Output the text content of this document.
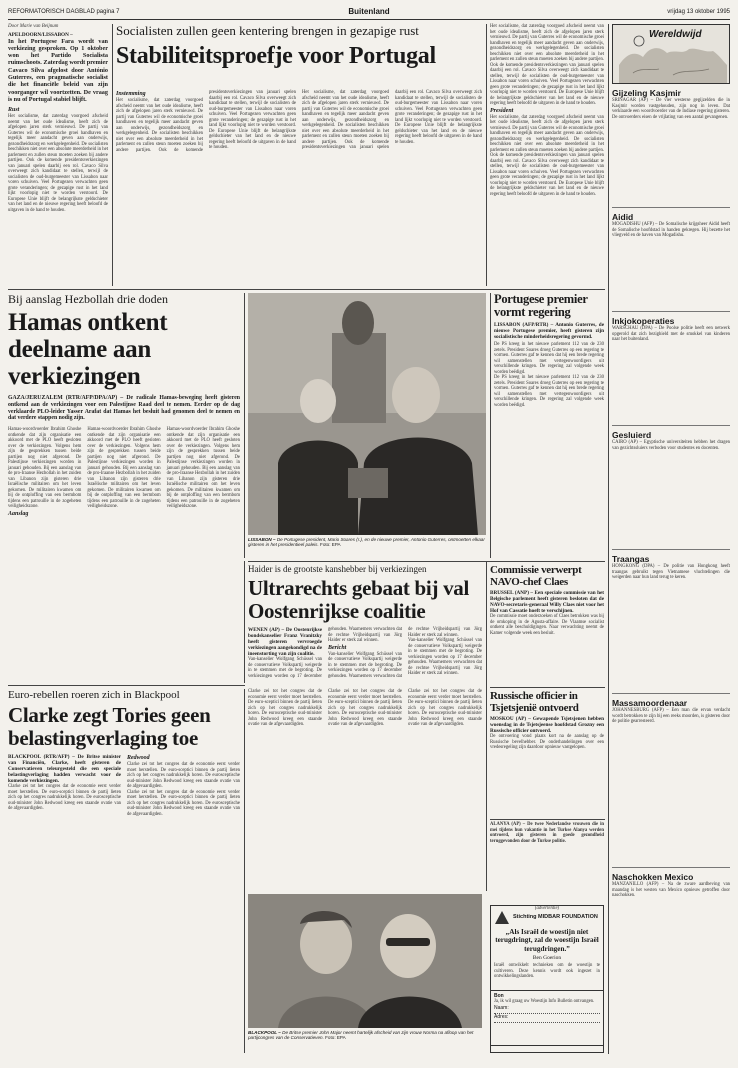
REFORMATORISCH DAGBLAD pagina 7	Buitenland	vrijdag 13 oktober 1995
Door Marie van Beijnum
APELDOORN/LISSABON –
In het Portugese Fara wordt van verkiezing gesproken. Op 1 oktober won het Partido Socialista ruimschoots. Zaterdag wordt premier Cavaco Silva afgelost door António Guterres, een pragmatische socialist die het financiële beleid van zijn voorganger wil voortzetten. De vraag is nu of Portugal stabiel blijft.
Rust
Het socialisme, dat zaterdag voorgoed afscheid neemt van het oude idealisme, heeft zich de afgelopen jaren sterk vernieuwd. De partij van Guterres wil de economische groei handhaven en tegelijk meer aandacht geven aan onderwijs, gezondheidszorg en werkgelegenheid. De socialisten beschikken niet over een absolute meerderheid in het parlement en zullen steun moeten zoeken bij andere partijen. Ook de komende presidentsverkiezingen van januari spelen daarbij een rol. Cavaco Silva overweegt zich kandidaat te stellen, terwijl de socialisten de oud-burgemeester van Lissabon naar voren schuiven. Veel Portugezen verwachten geen grote veranderingen; de gezapige rust in het land lijkt voorlopig niet te worden verstoord. De Europese Unie blijft de belangrijkste geldschieter van het land en de nieuwe regering heeft beloofd de uitgaven in de hand te houden.
Socialisten zullen geen kentering brengen in gezapige rust
Stabiliteitsproefje voor Portugal
Instemming
Het socialisme, dat zaterdag voorgoed afscheid neemt van het oude idealisme, heeft zich de afgelopen jaren sterk vernieuwd. De partij van Guterres wil de economische groei handhaven en tegelijk meer aandacht geven aan onderwijs, gezondheidszorg en werkgelegenheid. De socialisten beschikken niet over een absolute meerderheid in het parlement en zullen steun moeten zoeken bij andere partijen. Ook de komende presidentsverkiezingen van januari spelen daarbij een rol. Cavaco Silva overweegt zich kandidaat te stellen, terwijl de socialisten de oud-burgemeester van Lissabon naar voren schuiven. Veel Portugezen verwachten geen grote veranderingen; de gezapige rust in het land lijkt voorlopig niet te worden verstoord. De Europese Unie blijft de belangrijkste geldschieter van het land en de nieuwe regering heeft beloofd de uitgaven in de hand te houden.
Het socialisme, dat zaterdag voorgoed afscheid neemt van het oude idealisme, heeft zich de afgelopen jaren sterk vernieuwd. De partij van Guterres wil de economische groei handhaven en tegelijk meer aandacht geven aan onderwijs, gezondheidszorg en werkgelegenheid. De socialisten beschikken niet over een absolute meerderheid in het parlement en zullen steun moeten zoeken bij andere partijen. Ook de komende presidentsverkiezingen van januari spelen daarbij een rol. Cavaco Silva overweegt zich kandidaat te stellen, terwijl de socialisten de oud-burgemeester van Lissabon naar voren schuiven. Veel Portugezen verwachten geen grote veranderingen; de gezapige rust in het land lijkt voorlopig niet te worden verstoord. De Europese Unie blijft de belangrijkste geldschieter van het land en de nieuwe regering heeft beloofd de uitgaven in de hand te houden.
Het socialisme, dat zaterdag voorgoed afscheid neemt van het oude idealisme, heeft zich de afgelopen jaren sterk vernieuwd. De partij van Guterres wil de economische groei handhaven en tegelijk meer aandacht geven aan onderwijs, gezondheidszorg en werkgelegenheid. De socialisten beschikken niet over een absolute meerderheid in het parlement en zullen steun moeten zoeken bij andere partijen. Ook de komende presidentsverkiezingen van januari spelen daarbij een rol. Cavaco Silva overweegt zich kandidaat te stellen, terwijl de socialisten de oud-burgemeester van Lissabon naar voren schuiven. Veel Portugezen verwachten geen grote veranderingen; de gezapige rust in het land lijkt voorlopig niet te worden verstoord. De Europese Unie blijft de belangrijkste geldschieter van het land en de nieuwe regering heeft beloofd de uitgaven in de hand te houden.
President
Het socialisme, dat zaterdag voorgoed afscheid neemt van het oude idealisme, heeft zich de afgelopen jaren sterk vernieuwd. De partij van Guterres wil de economische groei handhaven en tegelijk meer aandacht geven aan onderwijs, gezondheidszorg en werkgelegenheid. De socialisten beschikken niet over een absolute meerderheid in het parlement en zullen steun moeten zoeken bij andere partijen. Ook de komende presidentsverkiezingen van januari spelen daarbij een rol. Cavaco Silva overweegt zich kandidaat te stellen, terwijl de socialisten de oud-burgemeester van Lissabon naar voren schuiven. Veel Portugezen verwachten geen grote veranderingen; de gezapige rust in het land lijkt voorlopig niet te worden verstoord. De Europese Unie blijft de belangrijkste geldschieter van het land en de nieuwe regering heeft beloofd de uitgaven in de hand te houden.
Wereldwijd
Gijzeling Kasjmir
SRINAGAR (AP) – De vier westerse gegijzelden die in Kasjmir worden vastgehouden, zijn nog in leven. Dat verklaarde een woordvoerder van de Indiase regering gisteren. De ontvoerders eisen de vrijlating van een aantal gevangenen.
Aidid
MOGADISHU (AFP) – De Somalische krijgsheer Aidid heeft de Somalische hoofdstad in handen gekregen. Hij bezette het vliegveld en de haven van Mogadishu.
Inkjokoperaties
WARSCHAU (DPA) – De Poolse politie heeft een netwerk opgerold dat zich bezighield met de smokkel van kinderen naar het buitenland.
Gesluierd
CAIRO (AP) – Egyptische universiteiten hebben het dragen van gezichtssluiers verboden voor studentes en docenten.
Traangas
HONGKONG (DPA) – De politie van Hongkong heeft traangas gebruikt tegen Vietnamese vluchtelingen die weigerden naar hun land terug te keren.
Massamoordenaar
JOHANNESBURG (AFP) – Een man die ervan verdacht wordt betrokken te zijn bij een reeks moorden, is gisteren door de politie gearresteerd.
Naschokken Mexico
MANZANILLO (AFP) – Na de zware aardbeving van maandag is het westen van Mexico opnieuw getroffen door naschokken.
Bij aanslag Hezbollah drie doden
Hamas ontkent deelname aan verkiezingen
GAZA/JERUZALEM (RTR/AFP/DPA/AP) – De radicale Hamas-beweging heeft gisteren ontkend aan de verkiezingen voor een Palestijnse Raad deel te nemen. Eerder op de dag verklaarde PLO-leider Yasser Arafat dat Hamas het besluit had genomen deel te nemen en dat verdere stappen nodig zijn.
Hamas-woordvoerder Ibrahim Ghoshe ontkende dat zijn organisatie een akkoord met de PLO heeft gesloten over de verkiezingen. Volgens hem zijn de gesprekken tussen beide partijen nog niet afgerond. De Palestijnse verkiezingen worden in januari gehouden. Bij een aanslag van de pro-Iraanse Hezbollah in het zuiden van Libanon zijn gisteren drie Israëlische militairen om het leven gekomen. De militairen kwamen om bij de ontploffing van een bermbom tijdens een patrouille in de zogeheten veiligheidszone.
Aanslag
Hamas-woordvoerder Ibrahim Ghoshe ontkende dat zijn organisatie een akkoord met de PLO heeft gesloten over de verkiezingen. Volgens hem zijn de gesprekken tussen beide partijen nog niet afgerond. De Palestijnse verkiezingen worden in januari gehouden. Bij een aanslag van de pro-Iraanse Hezbollah in het zuiden van Libanon zijn gisteren drie Israëlische militairen om het leven gekomen. De militairen kwamen om bij de ontploffing van een bermbom tijdens een patrouille in de zogeheten veiligheidszone.
Hamas-woordvoerder Ibrahim Ghoshe ontkende dat zijn organisatie een akkoord met de PLO heeft gesloten over de verkiezingen. Volgens hem zijn de gesprekken tussen beide partijen nog niet afgerond. De Palestijnse verkiezingen worden in januari gehouden. Bij een aanslag van de pro-Iraanse Hezbollah in het zuiden van Libanon zijn gisteren drie Israëlische militairen om het leven gekomen. De militairen kwamen om bij de ontploffing van een bermbom tijdens een patrouille in de zogeheten veiligheidszone.
LISSABON – De Portugese president, Mario Soares (r.), en de nieuwe premier, Antonio Guterres, ontmoetten elkaar gisteren in het presidentieel paleis. Foto: EPA
Portugese premier vormt regering
LISSABON (AFP/RTR) – Antonio Guterres, de nieuwe Portugese premier, heeft gisteren zijn socialistische minderheidsregering gevormd.
De PS kreeg in het nieuwe parlement 112 van de 230 zetels. President Soares droeg Guterres op een regering te vormen. Guterres gaf te kennen dat hij een brede regering wil samenstellen met vertegenwoordigers uit verschillende kringen. De regering zal volgende week worden beëdigd.
De PS kreeg in het nieuwe parlement 112 van de 230 zetels. President Soares droeg Guterres op een regering te vormen. Guterres gaf te kennen dat hij een brede regering wil samenstellen met vertegenwoordigers uit verschillende kringen. De regering zal volgende week worden beëdigd.
Haider is de grootste kanshebber bij verkiezingen
Ultrarechts gebaat bij val Oostenrijkse coalitie
WENEN (AP) – De Oostenrijkse bondskanselier Franz Vranitzky heeft gisteren vervroegde verkiezingen aangekondigd na de ineenstorting van zijn coalitie.
Van-kanselier Wolfgang Schüssel van de conservatieve Volkspartij weigerde in te stemmen met de begroting. De verkiezingen worden op 17 december gehouden. Waarnemers verwachten dat de rechtse Vrijheidspartij van Jörg Haider er sterk zal winnen.
Bericht
Van-kanselier Wolfgang Schüssel van de conservatieve Volkspartij weigerde in te stemmen met de begroting. De verkiezingen worden op 17 december gehouden. Waarnemers verwachten dat de rechtse Vrijheidspartij van Jörg Haider er sterk zal winnen.
Van-kanselier Wolfgang Schüssel van de conservatieve Volkspartij weigerde in te stemmen met de begroting. De verkiezingen worden op 17 december gehouden. Waarnemers verwachten dat de rechtse Vrijheidspartij van Jörg Haider er sterk zal winnen.
Commissie verwerpt NAVO-chef Claes
BRUSSEL (ANP) – Een speciale commissie van het Belgische parlement heeft gisteren besloten dat de NAVO-secretaris-generaal Willy Claes niet voor het Hof van Cassatie hoeft te verschijnen.
De commissie moet onderzoeken of Claes betrokken was bij de omkoping in de Agusta-affaire. De Vlaamse socialist ontkent alle beschuldigingen. Naar verwachting neemt de Kamer volgende week een besluit.
Russische officier in Tsjetsjenië ontvoerd
MOSKOU (AP) – Gewapende Tsjetsjenen hebben woensdag in de Tsjetsjeense hoofdstad Grozny een Russische officier ontvoerd.
De ontvoering vond plaats kort na de aanslag op de Russische bevelhebber. De onderhandelingen over een vredesregeling zijn daardoor opnieuw vastgelopen.
ALANYA (AP) – De twee Nederlandse vrouwen die in mei tijdens hun vakantie in het Turkse Alanya werden ontvoerd, zijn gisteren in goede gezondheid teruggevonden door de Turkse politie.
(advertentie)
Stichting MIDBAR FOUNDATION
„Als Israël de woestijn niet terugdringt, zal de woestijn Israël terugdringen.”
Ben Goerion
Israël ontwikkelt technieken om de woestijn te cultiveren. Deze kennis wordt ook ingezet in ontwikkelingslanden.
Euro-rebellen roeren zich in Blackpool
Clarke zegt Tories geen belastingverlaging toe
BLACKPOOL (RTR/AFP) – De Britse minister van Financiën, Clarke, heeft gisteren de Conservatieven teleurgesteld die een speciale belastingverlaging hadden verwacht voor de komende verkiezingen.
Clarke zei tot het congres dat de economie eerst verder moet herstellen. De euro-sceptici binnen de partij lieten zich op het congres nadrukkelijk horen. De eurosceptische oud-minister John Redwood kreeg een staande ovatie van de afgevaardigden.
Redwood
Clarke zei tot het congres dat de economie eerst verder moet herstellen. De euro-sceptici binnen de partij lieten zich op het congres nadrukkelijk horen. De eurosceptische oud-minister John Redwood kreeg een staande ovatie van de afgevaardigden.
Clarke zei tot het congres dat de economie eerst verder moet herstellen. De euro-sceptici binnen de partij lieten zich op het congres nadrukkelijk horen. De eurosceptische oud-minister John Redwood kreeg een staande ovatie van de afgevaardigden.
Clarke zei tot het congres dat de economie eerst verder moet herstellen. De euro-sceptici binnen de partij lieten zich op het congres nadrukkelijk horen. De eurosceptische oud-minister John Redwood kreeg een staande ovatie van de afgevaardigden.
Clarke zei tot het congres dat de economie eerst verder moet herstellen. De euro-sceptici binnen de partij lieten zich op het congres nadrukkelijk horen. De eurosceptische oud-minister John Redwood kreeg een staande ovatie van de afgevaardigden.
Clarke zei tot het congres dat de economie eerst verder moet herstellen. De euro-sceptici binnen de partij lieten zich op het congres nadrukkelijk horen. De eurosceptische oud-minister John Redwood kreeg een staande ovatie van de afgevaardigden.
BLACKPOOL – De Britse premier John Major neemt hartelijk afscheid van zijn vrouw Norma na afloop van het partijcongres van de Conservatieven. Foto: EPA
Bon
Ja, ik wil graag uw Woestijn Info Bulletin ontvangen.
Naam:
Adres:
